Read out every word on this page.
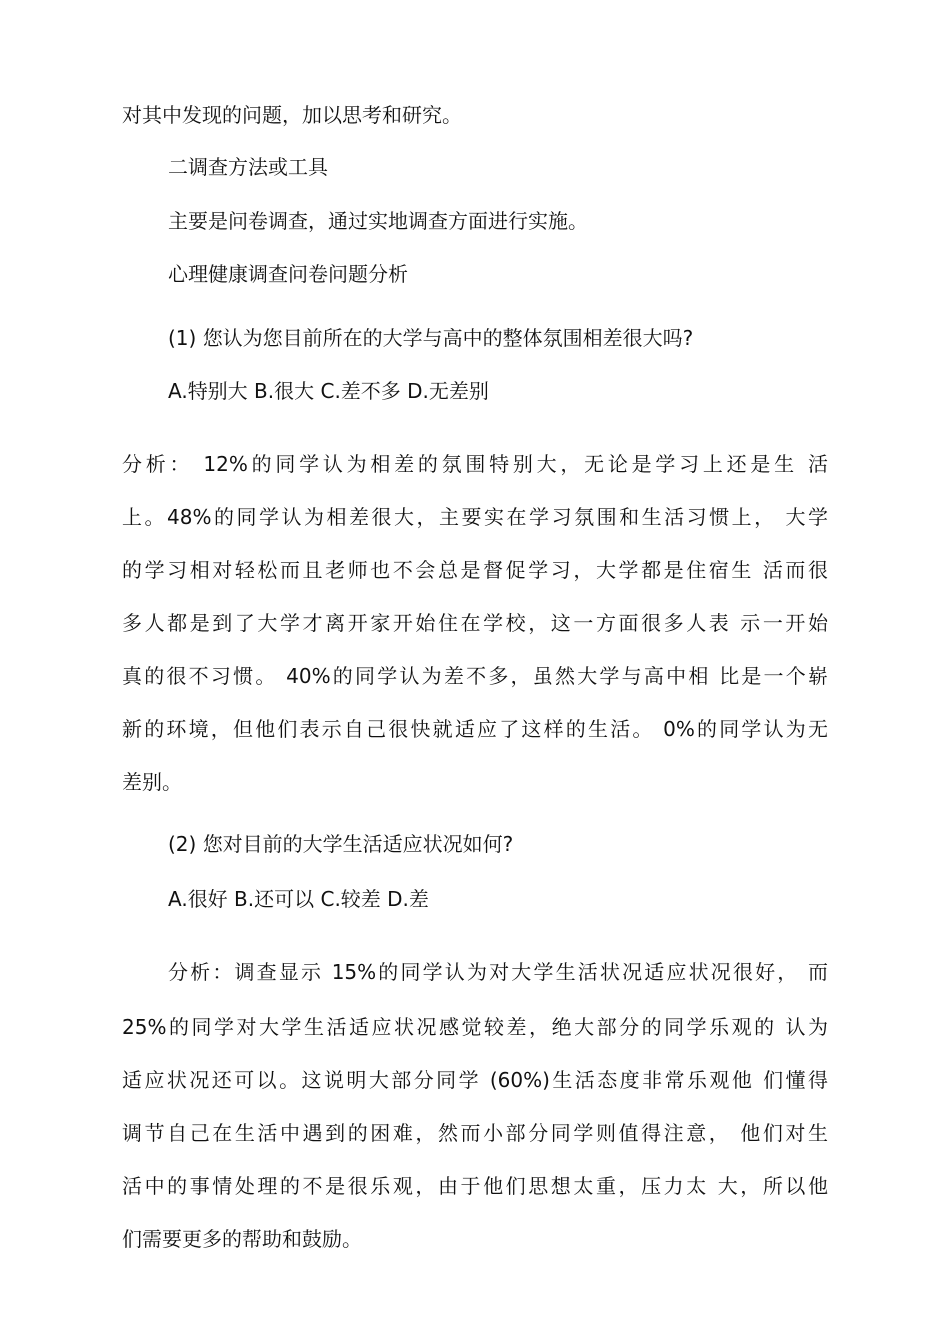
对其中发现的问题，加以思考和研究。
二调查方法或工具
主要是问卷调查，通过实地调查方面进行实施。
心理健康调查问卷问题分析
(1) 您认为您目前所在的大学与高中的整体氛围相差很大吗?
A.特别大 B.很大 C.差不多 D.无差别
分析： 12%的同学认为相差的氛围特别大，无论是学习上还是生 活
上。48%的同学认为相差很大，主要实在学习氛围和生活习惯上， 大学
的学习相对轻松而且老师也不会总是督促学习，大学都是住宿生 活而很
多人都是到了大学才离开家开始住在学校，这一方面很多人表 示一开始
真的很不习惯。 40%的同学认为差不多，虽然大学与高中相 比是一个崭
新的环境，但他们表示自己很快就适应了这样的生活。 0%的同学认为无
差别。
(2) 您对目前的大学生活适应状况如何?
A.很好 B.还可以 C.较差 D.差
分析：调查显示 15%的同学认为对大学生活状况适应状况很好， 而
25%的同学对大学生活适应状况感觉较差，绝大部分的同学乐观的 认为
适应状况还可以。这说明大部分同学 (60%)生活态度非常乐观他 们懂得
调节自己在生活中遇到的困难，然而小部分同学则值得注意， 他们对生
活中的事情处理的不是很乐观，由于他们思想太重，压力太 大，所以他
们需要更多的帮助和鼓励。
